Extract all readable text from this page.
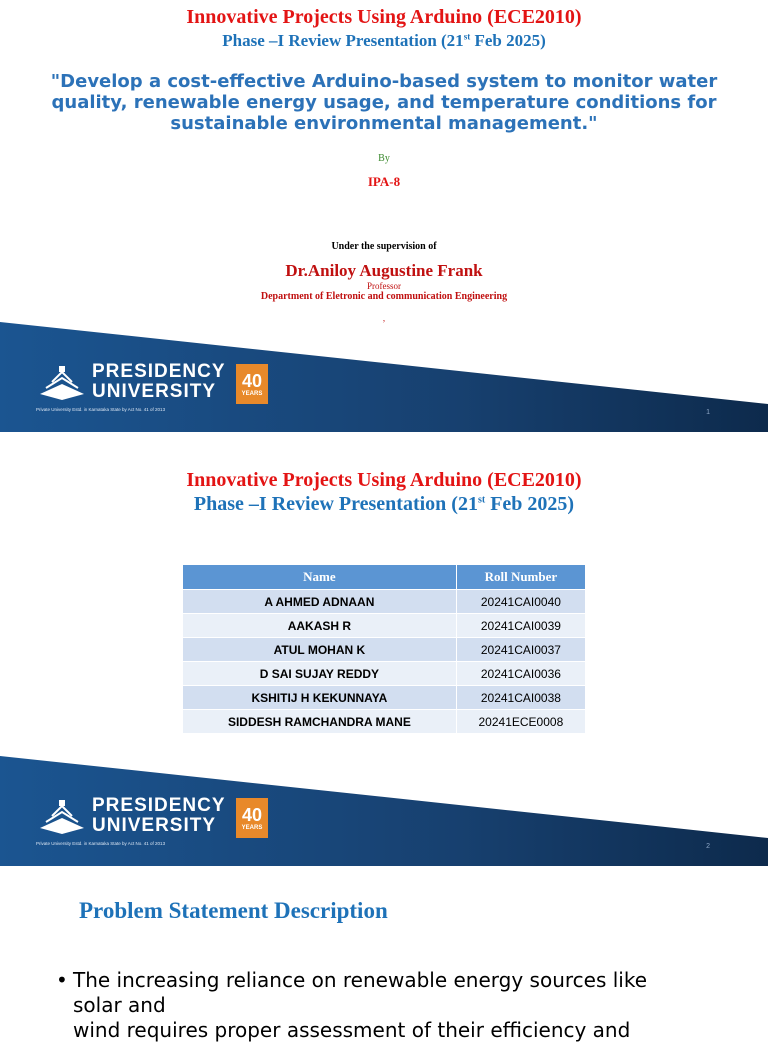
Innovative Projects Using Arduino (ECE2010)
Phase –I Review Presentation (21st Feb 2025)
"Develop a cost-effective Arduino-based system to monitor water quality, renewable energy usage, and temperature conditions for sustainable environmental management."
By
IPA-8
Under the supervision of
Dr.Aniloy Augustine Frank
Professor
Department of Eletronic and communication Engineering
,
PRESIDENCY
UNIVERSITY
Private University Estd. in Karnataka State by Act No. 41 of 2013
40
YEARS
1
Innovative Projects Using Arduino (ECE2010)
Phase –I Review Presentation (21st Feb 2025)
Name	Roll Number
A AHMED ADNAAN	20241CAI0040
AAKASH R	20241CAI0039
ATUL MOHAN K	20241CAI0037
D SAI SUJAY REDDY	20241CAI0036
KSHITIJ H KEKUNNAYA	20241CAI0038
SIDDESH RAMCHANDRA MANE	20241ECE0008
PRESIDENCY
UNIVERSITY
Private University Estd. in Karnataka State by Act No. 41 of 2013
40
YEARS
2
Problem Statement Description
• The increasing reliance on renewable energy sources like solar and
wind requires proper assessment of their efficiency and
